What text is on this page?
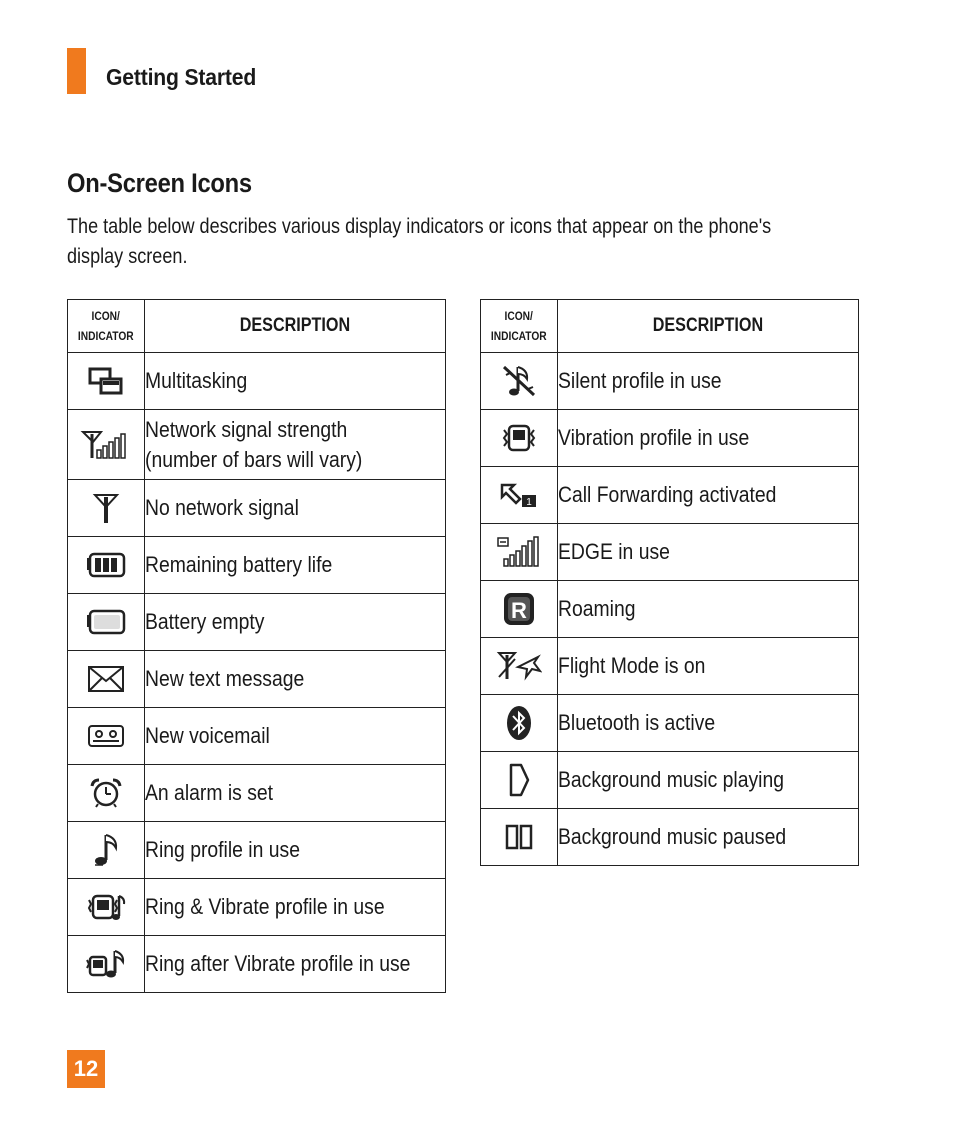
Getting Started
On-Screen Icons

The table below describes various display indicators or icons that appear on the phone's display screen.

ICON/
INDICATOR	DESCRIPTION

	Multitasking

	Network signal strength
(number of bars will vary)

	No network signal

	Remaining battery life

	Battery empty

	New text message

	New voicemail

	An alarm is set

	Ring profile in use

	Ring & Vibrate profile in use

	Ring after Vibrate profile in use
ICON/
INDICATOR	DESCRIPTION

	Silent profile in use

	Vibration profile in use

1	Call Forwarding activated

	EDGE in use

R	Roaming

	Flight Mode is on

	Bluetooth is active

	Background music playing

	Background music paused
12
